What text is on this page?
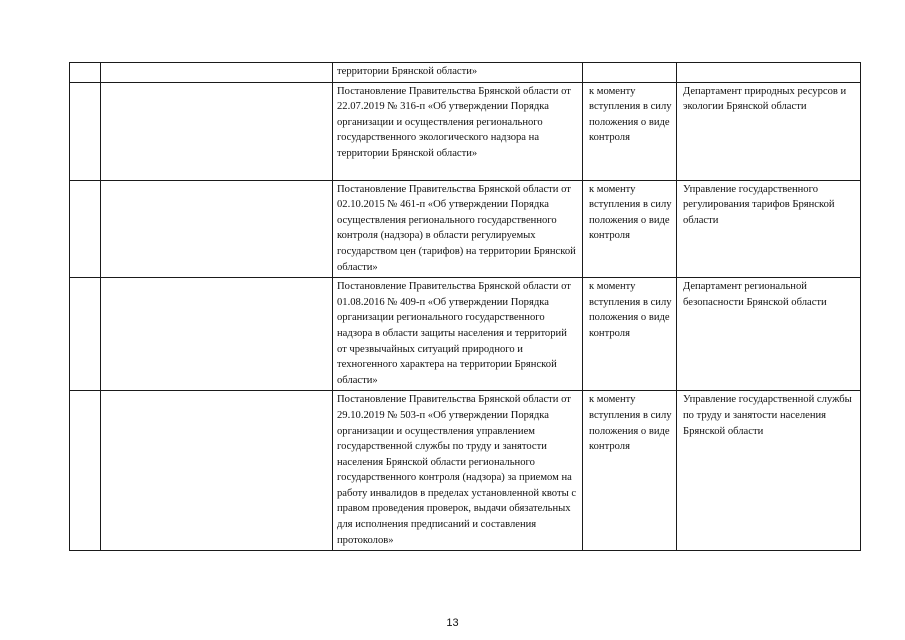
		территории Брянской области»		
		Постановление Правительства Брянской области от 22.07.2019 № 316-п «Об утверждении Порядка организации и осуществления регионального государственного экологического надзора на территории Брянской области»	к моменту вступления в силу положения о виде контроля	Департамент природных ресурсов и экологии Брянской области
		Постановление Правительства Брянской области от 02.10.2015 № 461-п «Об утверждении Порядка осуществления регионального государственного контроля (надзора) в области регулируемых государством цен (тарифов) на территории Брянской области»	к моменту вступления в силу положения о виде контроля	Управление государственного регулирования тарифов Брянской области
		Постановление Правительства Брянской области от 01.08.2016 № 409-п «Об утверждении Порядка организации регионального государственного надзора в области защиты населения и территорий от чрезвычайных ситуаций природного и техногенного характера на территории Брянской области»	к моменту вступления в силу положения о виде контроля	Департамент региональной безопасности Брянской области
		Постановление Правительства Брянской области от 29.10.2019 № 503-п «Об утверждении Порядка организации и осуществления управлением государственной службы по труду и занятости населения Брянской области регионального государственного контроля (надзора) за приемом на работу инвалидов в пределах установленной квоты с правом проведения проверок, выдачи обязательных для исполнения предписаний и составления протоколов»	к моменту вступления в силу положения о виде контроля	Управление государственной службы по труду и занятости населения Брянской области
13
